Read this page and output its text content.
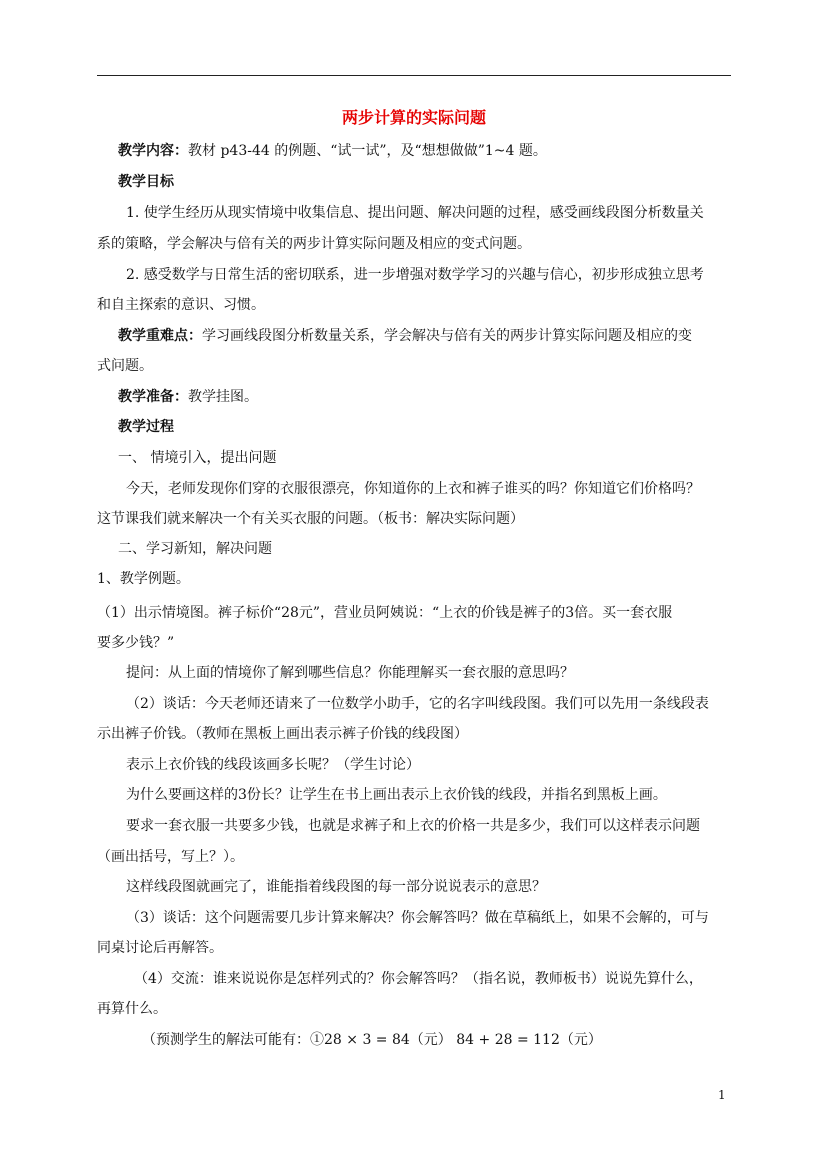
两步计算的实际问题
教学内容：教材 p43-44 的例题、“试一试”，及“想想做做”1~4 题。
教学目标
1. 使学生经历从现实情境中收集信息、提出问题、解决问题的过程，感受画线段图分析数量关
系的策略，学会解决与倍有关的两步计算实际问题及相应的变式问题。
2. 感受数学与日常生活的密切联系，进一步增强对数学学习的兴趣与信心，初步形成独立思考
和自主探索的意识、习惯。
教学重难点：学习画线段图分析数量关系，学会解决与倍有关的两步计算实际问题及相应的变
式问题。
教学准备：教学挂图。
教学过程
一、 情境引入，提出问题
今天，老师发现你们穿的衣服很漂亮，你知道你的上衣和裤子谁买的吗？你知道它们价格吗？
这节课我们就来解决一个有关买衣服的问题。（板书：解决实际问题）
二、学习新知，解决问题
1、教学例题。
（1）出示情境图。裤子标价“28元”，营业员阿姨说：“上衣的价钱是裤子的3倍。买一套衣服
要多少钱？”
提问：从上面的情境你了解到哪些信息？你能理解买一套衣服的意思吗？
（2）谈话：今天老师还请来了一位数学小助手，它的名字叫线段图。我们可以先用一条线段表
示出裤子价钱。（教师在黑板上画出表示裤子价钱的线段图）
表示上衣价钱的线段该画多长呢？（学生讨论）
为什么要画这样的3份长？让学生在书上画出表示上衣价钱的线段，并指名到黑板上画。
要求一套衣服一共要多少钱，也就是求裤子和上衣的价格一共是多少，我们可以这样表示问题
（画出括号，写上？）。
这样线段图就画完了，谁能指着线段图的每一部分说说表示的意思？
（3）谈话：这个问题需要几步计算来解决？你会解答吗？做在草稿纸上，如果不会解的，可与
同桌讨论后再解答。
（4）交流：谁来说说你是怎样列式的？你会解答吗？（指名说，教师板书）说说先算什么，
再算什么。
（预测学生的解法可能有：①28 × 3 = 84（元） 84 + 28 = 112（元）
1
